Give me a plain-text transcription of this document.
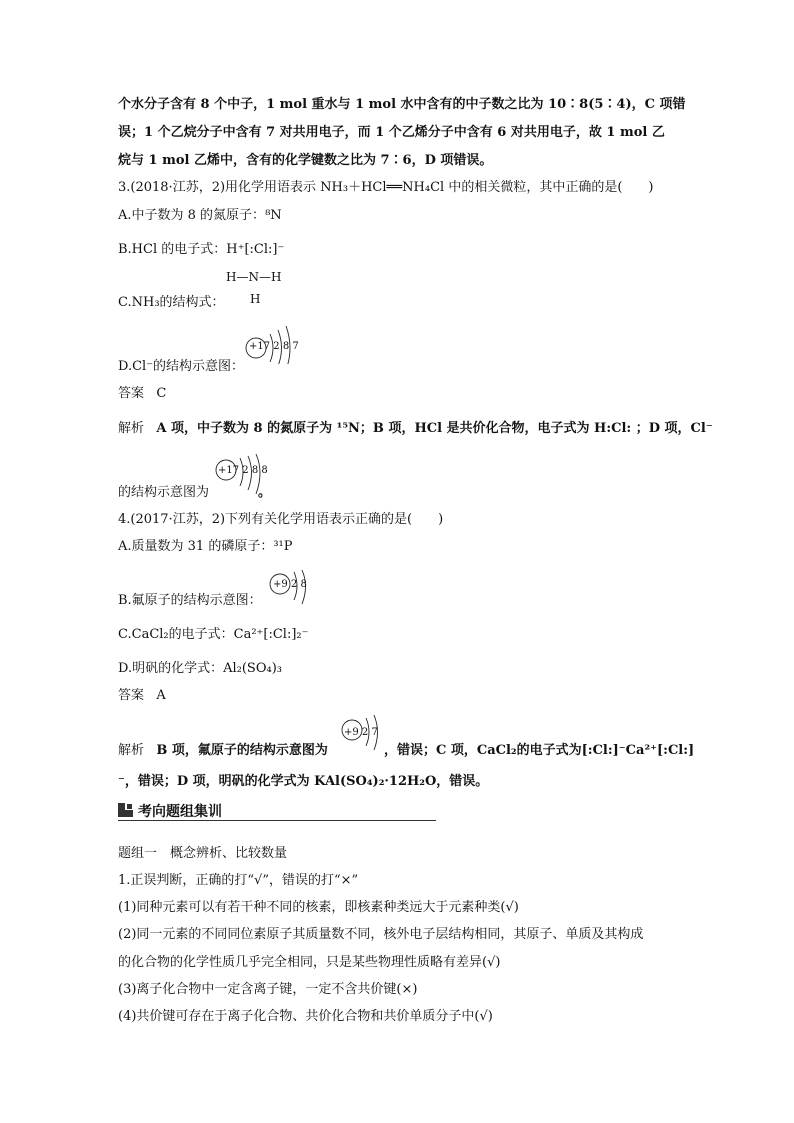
个水分子含有 8 个中子，1 mol 重水与 1 mol 水中含有的中子数之比为 10∶8(5∶4)，C 项错
误；1 个乙烷分子中含有 7 对共用电子，而 1 个乙烯分子中含有 6 对共用电子，故 1 mol 乙
烷与 1 mol 乙烯中，含有的化学键数之比为 7∶6，D 项错误。
3.(2018·江苏，2)用化学用语表示 NH₃＋HCl══NH₄Cl 中的相关微粒，其中正确的是(　　)
A.中子数为 8 的氮原子：⁸N
B.HCl 的电子式：H⁺[:Cl:]⁻
H—N—H
H
C.NH₃的结构式：
+17 2 8 7
D.Cl⁻的结构示意图：
答案 C
解析 A 项，中子数为 8 的氮原子为 ¹⁵N；B 项，HCl 是共价化合物，电子式为 H:Cl: ；D 项，Cl⁻
+17 2 8 8
的结构示意图为	。
4.(2017·江苏，2)下列有关化学用语表示正确的是(　　)
A.质量数为 31 的磷原子：³¹P
+9 2 8
B.氟原子的结构示意图：
C.CaCl₂的电子式：Ca²⁺[:Cl:]₂⁻
D.明矾的化学式：Al₂(SO₄)₃
答案 A
+9 2 7
解析 B 项，氟原子的结构示意图为	，错误；C 项，CaCl₂的电子式为[:Cl:]⁻Ca²⁺[:Cl:]
⁻，错误；D 项，明矾的化学式为 KAl(SO₄)₂·12H₂O，错误。
考向题组集训
题组一　概念辨析、比较数量
1.正误判断，正确的打“√”，错误的打“×”
(1)同种元素可以有若干种不同的核素，即核素种类远大于元素种类(√)
(2)同一元素的不同同位素原子其质量数不同，核外电子层结构相同，其原子、单质及其构成
的化合物的化学性质几乎完全相同，只是某些物理性质略有差异(√)
(3)离子化合物中一定含离子键，一定不含共价键(×)
(4)共价键可存在于离子化合物、共价化合物和共价单质分子中(√)
